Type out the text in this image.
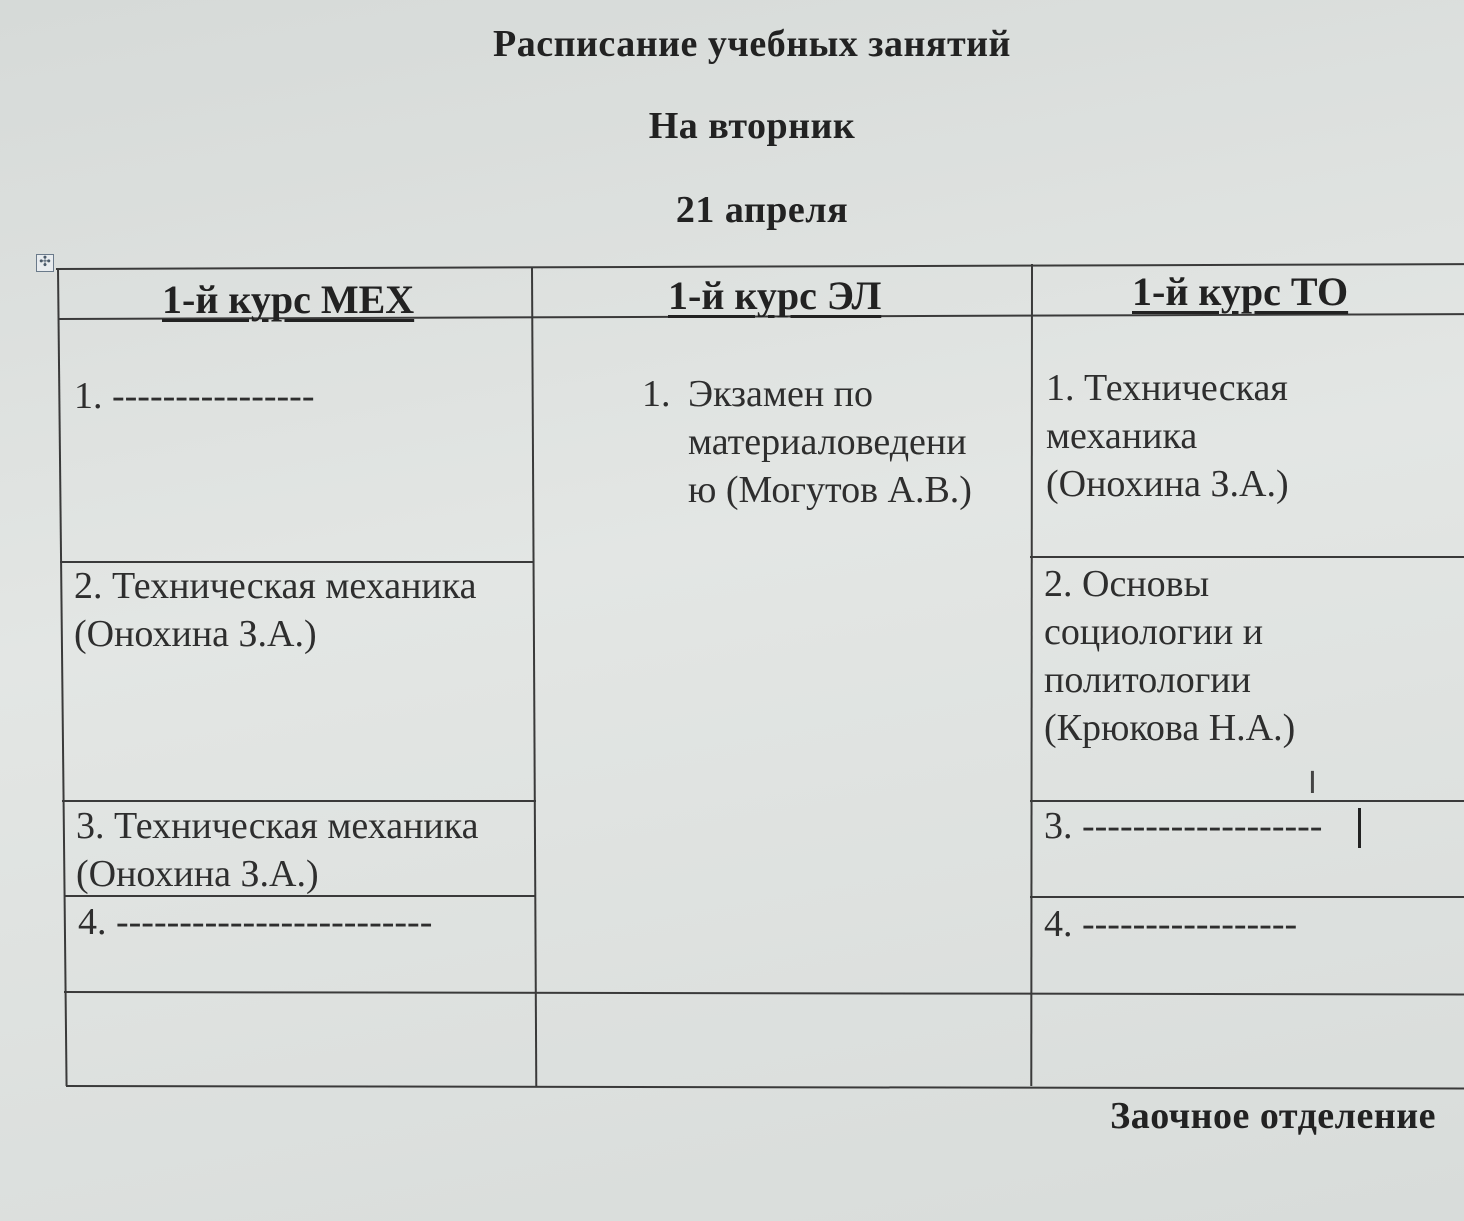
Расписание учебных занятий
На вторник
21 апреля
✣
1-й курс МЕХ	1-й курс ЭЛ	1-й курс ТО
1. ----------------
2. Техническая механика
(Онохина З.А.)
3. Техническая механика
(Онохина З.А.)
4. -------------------------
1. Экзамен по
материаловедени
ю (Могутов А.В.)
1. Техническая
механика
(Онохина З.А.)
2. Основы
социологии и
политологии
(Крюкова Н.А.)
3. -------------------
4. -----------------
I
Заочное отделение
